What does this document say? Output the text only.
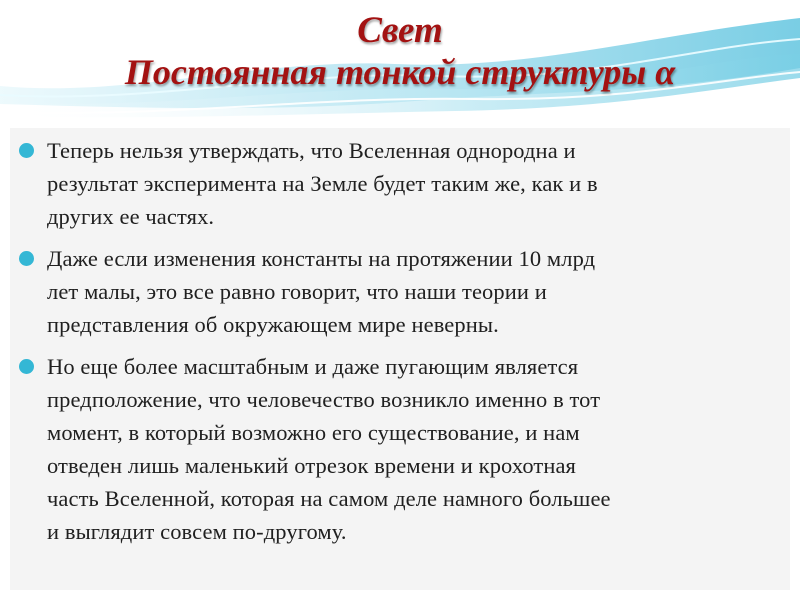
Свет
Постоянная тонкой структуры α
Теперь нельзя утверждать, что Вселенная однородна и
результат эксперимента на Земле будет таким же, как и в
других ее частях.
Даже если изменения константы на протяжении 10 млрд
лет малы, это все равно говорит, что наши теории и
представления об окружающем мире неверны.
Но еще более масштабным и даже пугающим является
предположение, что человечество возникло именно в тот
момент, в который возможно его существование, и нам
отведен лишь маленький отрезок времени и крохотная
часть Вселенной, которая на самом деле намного большее
и выглядит совсем по-другому.
